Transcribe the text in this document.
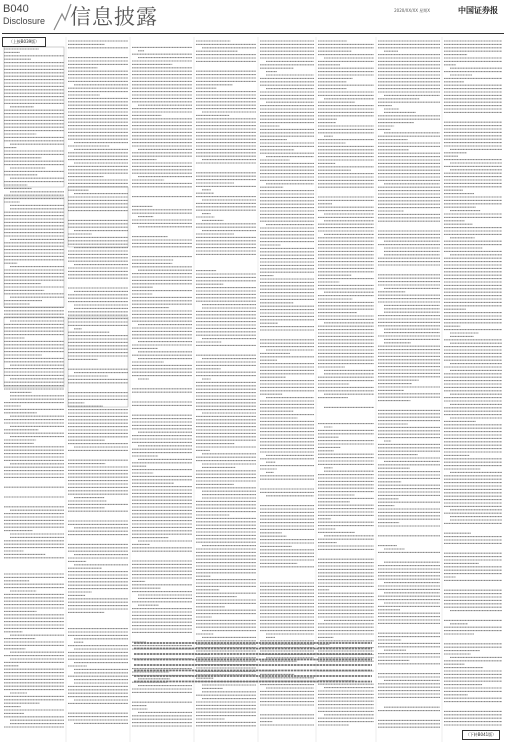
B040
Disclosure 信息披露	2020/XX/XX 星期X	中国证券报
（上接B039版）
（下转B041版）
